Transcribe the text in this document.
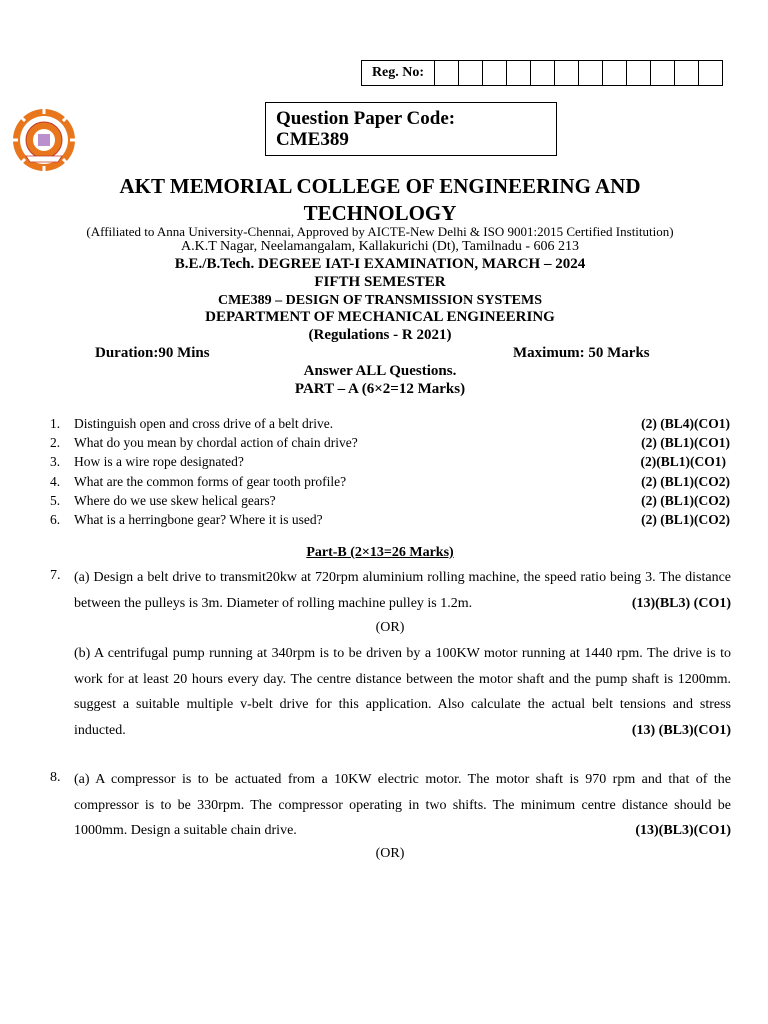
Reg. No:
Question Paper Code:
CME389
AKT MEMORIAL COLLEGE OF ENGINEERING AND
TECHNOLOGY
(Affiliated to Anna University-Chennai, Approved by AICTE-New Delhi & ISO 9001:2015 Certified Institution)
A.K.T Nagar, Neelamangalam, Kallakurichi (Dt), Tamilnadu - 606 213
B.E./B.Tech. DEGREE IAT-I EXAMINATION, MARCH – 2024
FIFTH SEMESTER
CME389 – DESIGN OF TRANSMISSION SYSTEMS
DEPARTMENT OF MECHANICAL ENGINEERING
(Regulations - R 2021)
Duration:90 Mins	Maximum: 50 Marks
Answer ALL Questions.
PART – A (6×2=12 Marks)
1. Distinguish open and cross drive of a belt drive.	(2) (BL4)(CO1)
2. What do you mean by chordal action of chain drive?	(2) (BL1)(CO1)
3. How is a wire rope designated?	(2)(BL1)(CO1)
4. What are the common forms of gear tooth profile?	(2) (BL1)(CO2)
5. Where do we use skew helical gears?	(2) (BL1)(CO2)
6. What is a herringbone gear? Where it is used?	(2) (BL1)(CO2)
Part-B (2×13=26 Marks)
7. (a) Design a belt drive to transmit20kw at 720rpm aluminium rolling machine, the speed ratio being 3. The distance between the pulleys is 3m. Diameter of rolling machine pulley is 1.2m.	(13)(BL3) (CO1)
(OR)
(b) A centrifugal pump running at 340rpm is to be driven by a 100KW motor running at 1440 rpm. The drive is to work for at least 20 hours every day. The centre distance between the motor shaft and the pump shaft is 1200mm. suggest a suitable multiple v-belt drive for this application. Also calculate the actual belt tensions and stress inducted.	(13) (BL3)(CO1)
8. (a) A compressor is to be actuated from a 10KW electric motor. The motor shaft is 970 rpm and that of the compressor is to be 330rpm. The compressor operating in two shifts. The minimum centre distance should be 1000mm. Design a suitable chain drive.	(13)(BL3)(CO1)
(OR)
